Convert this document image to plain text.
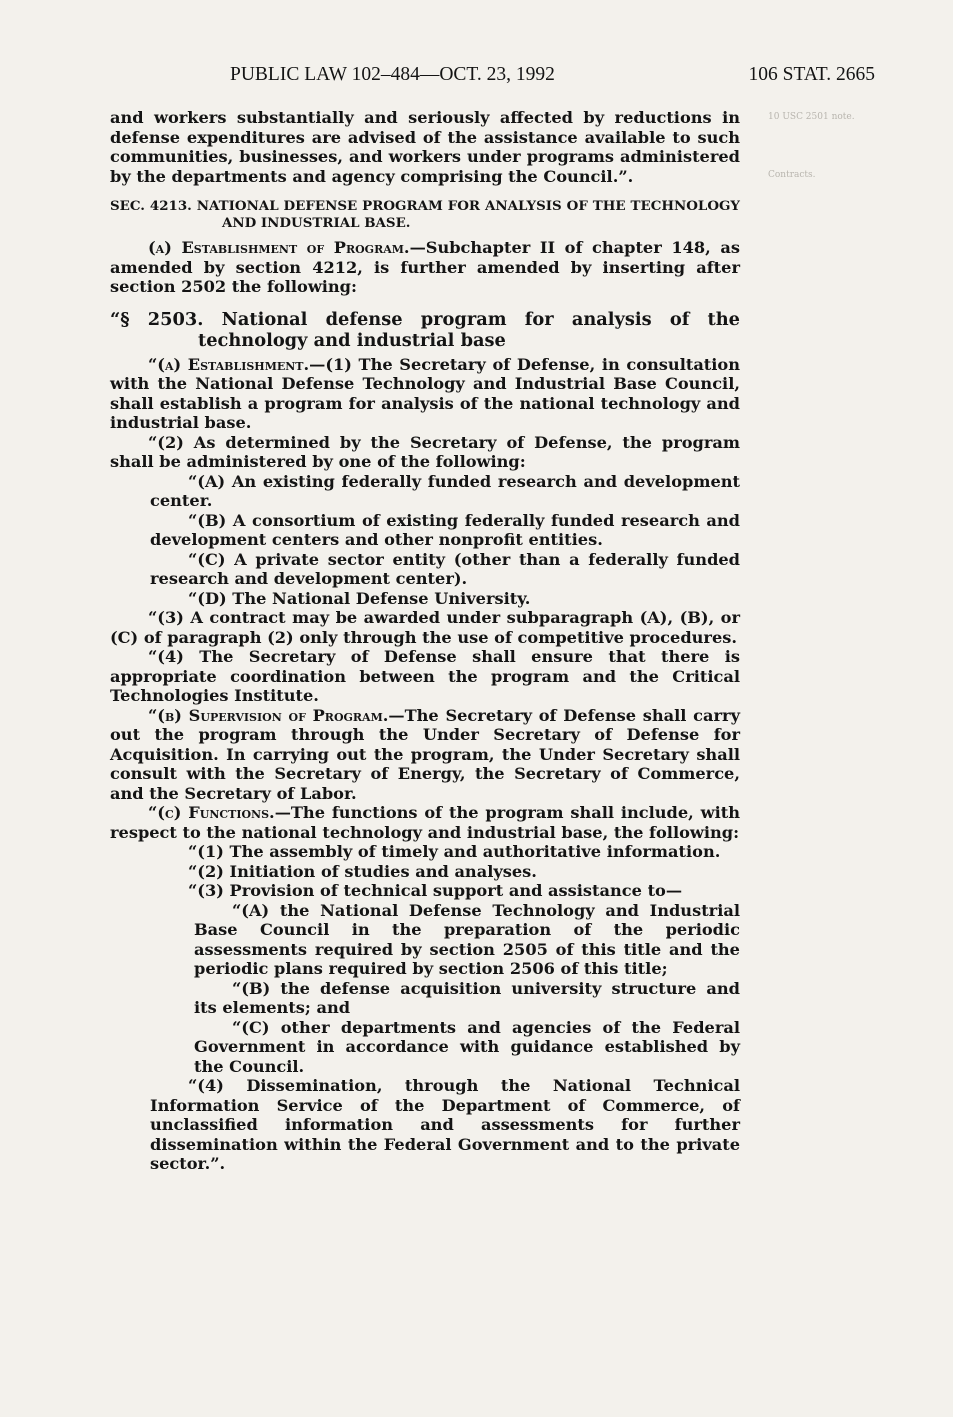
PUBLIC LAW 102–484—OCT. 23, 1992	106 STAT. 2665
10 USC 2501 note.
Contracts.

and workers substantially and seriously affected by reductions in defense expenditures are advised of the assistance available to such communities, businesses, and workers under programs administered by the departments and agency comprising the Council.”.

SEC. 4213. NATIONAL DEFENSE PROGRAM FOR ANALYSIS OF THE TECHNOLOGY AND INDUSTRIAL BASE.

(a) Establishment of Program.—Subchapter II of chapter 148, as amended by section 4212, is further amended by inserting after section 2502 the following:

“§ 2503. National defense program for analysis of the technology and industrial base

“(a) Establishment.—(1) The Secretary of Defense, in consultation with the National Defense Technology and Industrial Base Council, shall establish a program for analysis of the national technology and industrial base.

“(2) As determined by the Secretary of Defense, the program shall be administered by one of the following:

“(A) An existing federally funded research and development center.

“(B) A consortium of existing federally funded research and development centers and other nonprofit entities.

“(C) A private sector entity (other than a federally funded research and development center).

“(D) The National Defense University.

“(3) A contract may be awarded under subparagraph (A), (B), or (C) of paragraph (2) only through the use of competitive procedures.

“(4) The Secretary of Defense shall ensure that there is appropriate coordination between the program and the Critical Technologies Institute.

“(b) Supervision of Program.—The Secretary of Defense shall carry out the program through the Under Secretary of Defense for Acquisition. In carrying out the program, the Under Secretary shall consult with the Secretary of Energy, the Secretary of Commerce, and the Secretary of Labor.

“(c) Functions.—The functions of the program shall include, with respect to the national technology and industrial base, the following:

“(1) The assembly of timely and authoritative information.

“(2) Initiation of studies and analyses.

“(3) Provision of technical support and assistance to—

“(A) the National Defense Technology and Industrial Base Council in the preparation of the periodic assessments required by section 2505 of this title and the periodic plans required by section 2506 of this title;

“(B) the defense acquisition university structure and its elements; and

“(C) other departments and agencies of the Federal Government in accordance with guidance established by the Council.

“(4) Dissemination, through the National Technical Information Service of the Department of Commerce, of unclassified information and assessments for further dissemination within the Federal Government and to the private sector.”.
